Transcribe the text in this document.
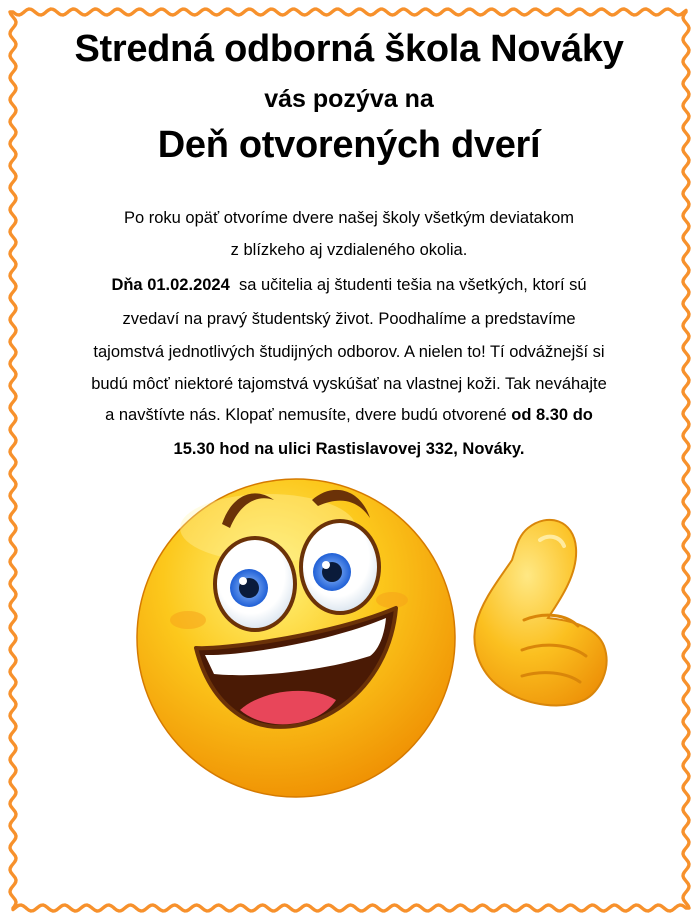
Stredná odborná škola Nováky
vás pozýva na
Deň otvorených dverí

Po roku opäť otvoríme dvere našej školy všetkým deviatakom

z blízkeho aj vzdialeného okolia.

Dňa 01.02.2024 sa učitelia aj študenti tešia na všetkých, ktorí sú

zvedaví na pravý študentský život. Poodhalíme a predstavíme

tajomstvá jednotlivých študijných odborov. A nielen to! Tí odvážnejší si

budú môcť niektoré tajomstvá vyskúšať na vlastnej koži. Tak neváhajte

a navštívte nás. Klopať nemusíte, dvere budú otvorené od 8.30 do

15.30 hod na ulici Rastislavovej 332, Nováky.
